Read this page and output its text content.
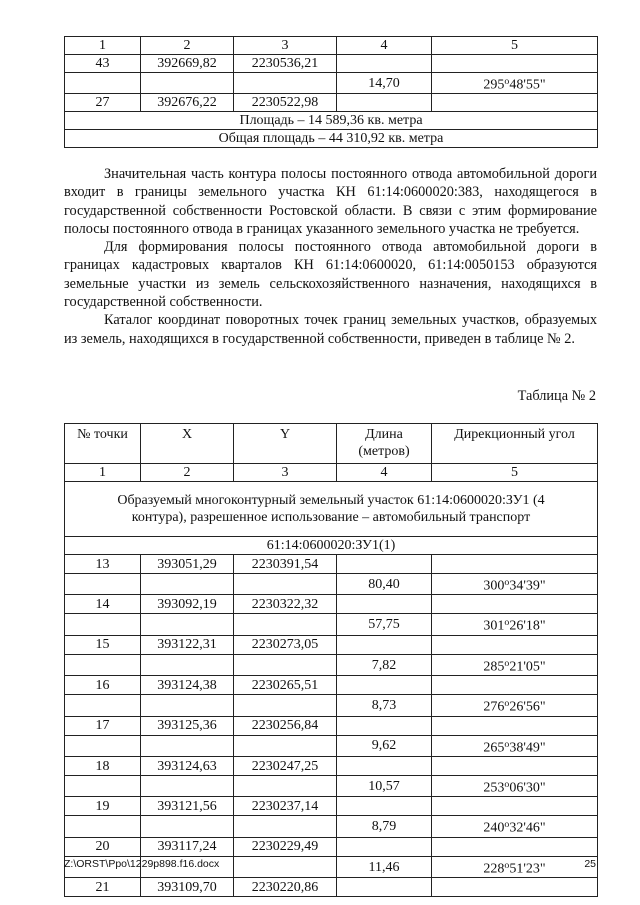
1	2	3	4	5
43	392669,82	2230536,21		
			14,70	295$^o$48'55"
27	392676,22	2230522,98		
Площадь – 14 589,36 кв. метра				
Общая площадь – 44 310,92 кв. метра				

Значительная часть контура полосы постоянного отвода автомобильной дороги входит в границы земельного участка КН 61:14:0600020:383, находящегося в государственной собственности Ростовской области. В связи с этим формирование полосы постоянного отвода в границах указанного земельного участка не требуется.

Для формирования полосы постоянного отвода автомобильной дороги в границах кадастровых кварталов КН 61:14:0600020, 61:14:0050153 образуются земельные участки из земель сельскохозяйственного назначения, находящихся в государственной собственности.

Каталог координат поворотных точек границ земельных участков, образуемых из земель, находящихся в государственной собственности, приведен в таблице № 2.

Таблица № 2
№ точки	X	Y	Длина (метров)	Дирекционный угол
1	2	3	4	5
Образуемый многоконтурный земельный участок 61:14:0600020:ЗУ1 (4 контура), разрешенное использование – автомобильный транспорт				
61:14:0600020:ЗУ1(1)				
13	393051,29	2230391,54		
			80,40	300$^o$34'39"
14	393092,19	2230322,32		
			57,75	301$^o$26'18"
15	393122,31	2230273,05		
			7,82	285$^o$21'05"
16	393124,38	2230265,51		
			8,73	276$^o$26'56"
17	393125,36	2230256,84		
			9,62	265$^o$38'49"
18	393124,63	2230247,25		
			10,57	253$^o$06'30"
19	393121,56	2230237,14		
			8,79	240$^o$32'46"
20	393117,24	2230229,49		
			11,46	228$^o$51'23"
21	393109,70	2230220,86		
Z:\ORST\Ppo\1229p898.f16.docx	25
